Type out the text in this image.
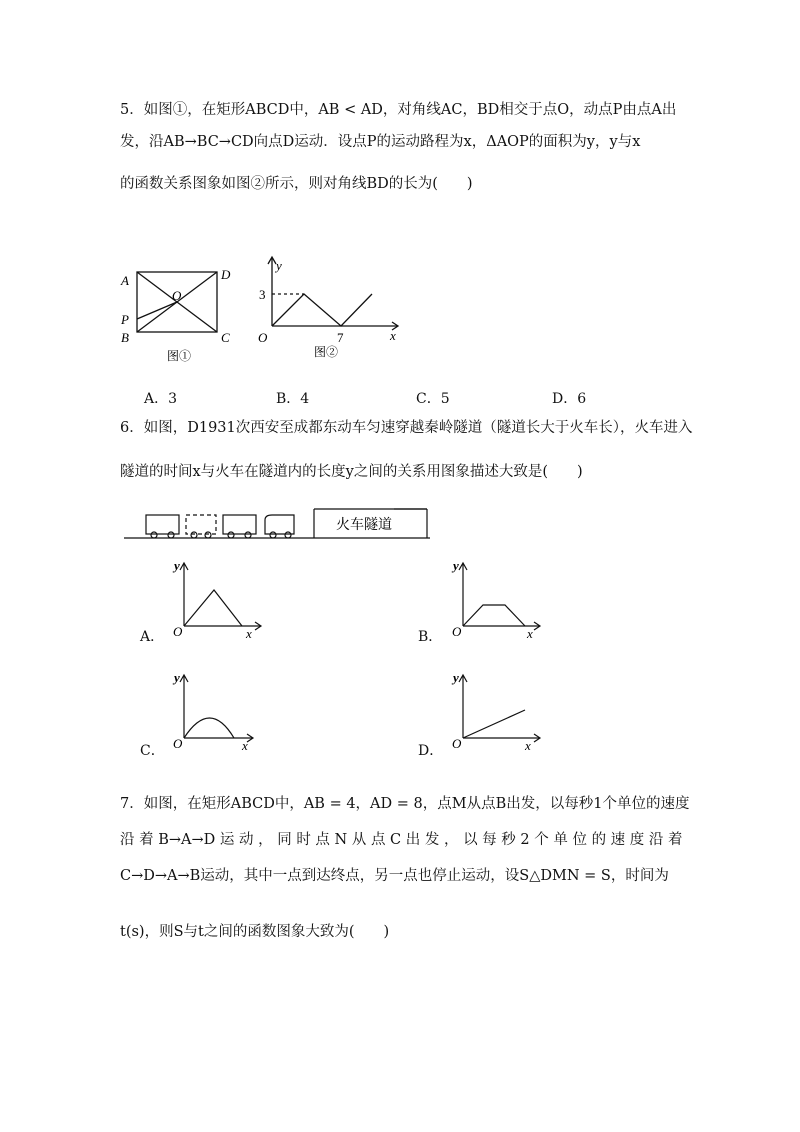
5．如图①，在矩形ABCD中，AB < AD，对角线AC，BD相交于点O，动点P由点A出
发，沿AB→BC→CD向点D运动．设点P的运动路程为x，ΔAOP的面积为y，y与x
的函数关系图象如图②所示，则对角线BD的长为(　　)
A	D
B	C
O
P
图①
y
x
O
3
7
图②
A．3	B．4	C．5	D．6
6．如图，D1931次西安至成都东动车匀速穿越秦岭隧道（隧道长大于火车长），火车进入
隧道的时间x与火车在隧道内的长度y之间的关系用图象描述大致是(　　)
火车隧道
y
x
O
A．
y
x
O
B．
y
x
O
C．
y
x
O
D．
7．如图，在矩形ABCD中，AB = 4，AD = 8，点M从点B出发，以每秒1个单位的速度
沿 着 B→A→D 运 动 ， 同 时 点 N 从 点 C 出 发 ， 以 每 秒 2 个 单 位 的 速 度 沿 着
C→D→A→B运动，其中一点到达终点，另一点也停止运动，设S△DMN = S，时间为
t(s)，则S与t之间的函数图象大致为(　　)
